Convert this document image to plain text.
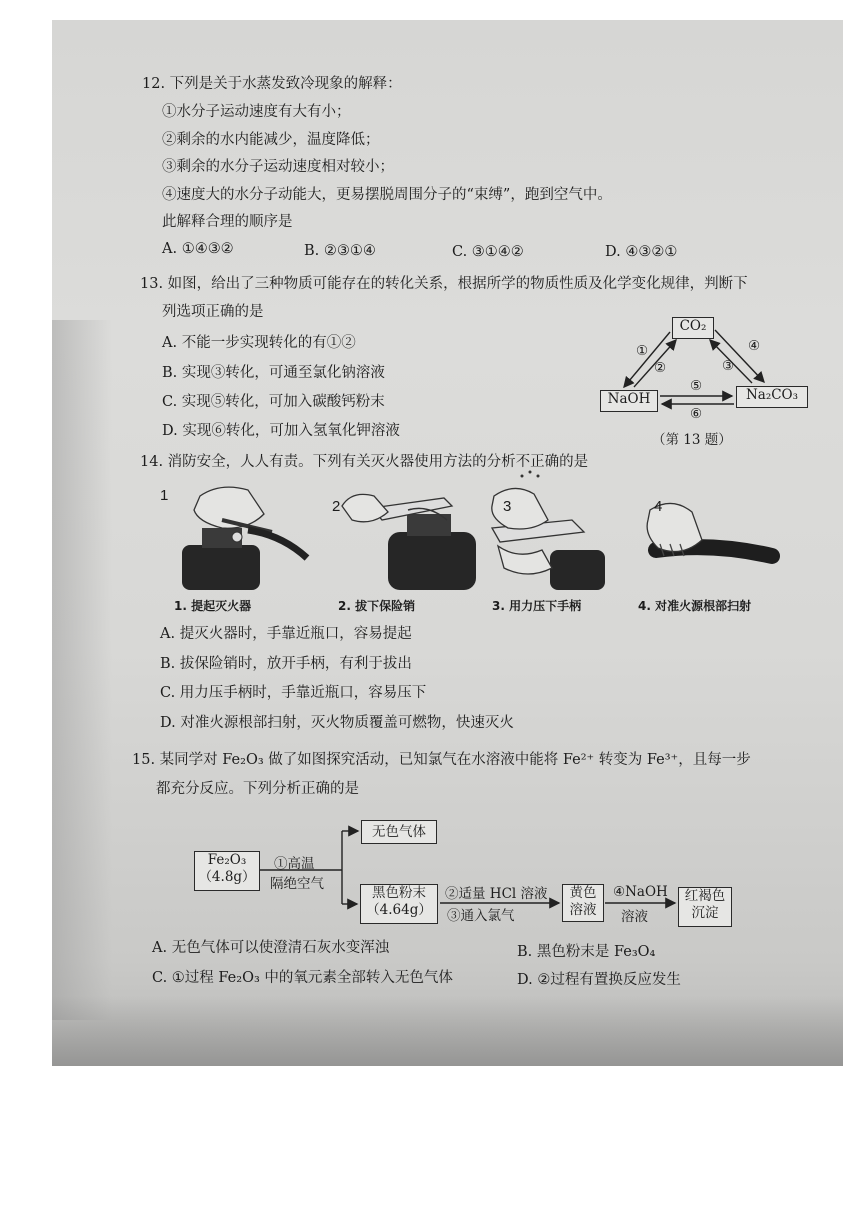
12. 下列是关于水蒸发致冷现象的解释：
①水分子运动速度有大有小；
②剩余的水内能减少，温度降低；
③剩余的水分子运动速度相对较小；
④速度大的水分子动能大，更易摆脱周围分子的“束缚”，跑到空气中。
此解释合理的顺序是
A. ①④③②	B. ②③①④	C. ③①④②	D. ④③②①
13. 如图，给出了三种物质可能存在的转化关系，根据所学的物质性质及化学变化规律，判断下
列选项正确的是
A. 不能一步实现转化的有①②
B. 实现③转化，可通至氯化钠溶液
C. 实现⑤转化，可加入碳酸钙粉末
D. 实现⑥转化，可加入氢氧化钾溶液
CO₂
NaOH	Na₂CO₃
①
②	③
④
⑤
⑥
（第 13 题）
14. 消防安全，人人有责。下列有关灭火器使用方法的分析不正确的是
1
2	3	4
1. 提起灭火器	2. 拔下保险销	3. 用力压下手柄	4. 对准火源根部扫射
A. 提灭火器时，手靠近瓶口，容易提起
B. 拔保险销时，放开手柄，有利于拔出
C. 用力压手柄时，手靠近瓶口，容易压下
D. 对准火源根部扫射，灭火物质覆盖可燃物，快速灭火
15. 某同学对 Fe₂O₃ 做了如图探究活动，已知氯气在水溶液中能将 Fe²⁺ 转变为 Fe³⁺，且每一步
都充分反应。下列分析正确的是
Fe₂O₃
（4.8g）
①高温
隔绝空气
无色气体
黑色粉末
（4.64g）
②适量 HCl 溶液
③通入氯气
黄色
溶液
④NaOH
溶液
红褐色
沉淀
A. 无色气体可以使澄清石灰水变浑浊	B. 黑色粉末是 Fe₃O₄
C. ①过程 Fe₂O₃ 中的氧元素全部转入无色气体	D. ②过程有置换反应发生
